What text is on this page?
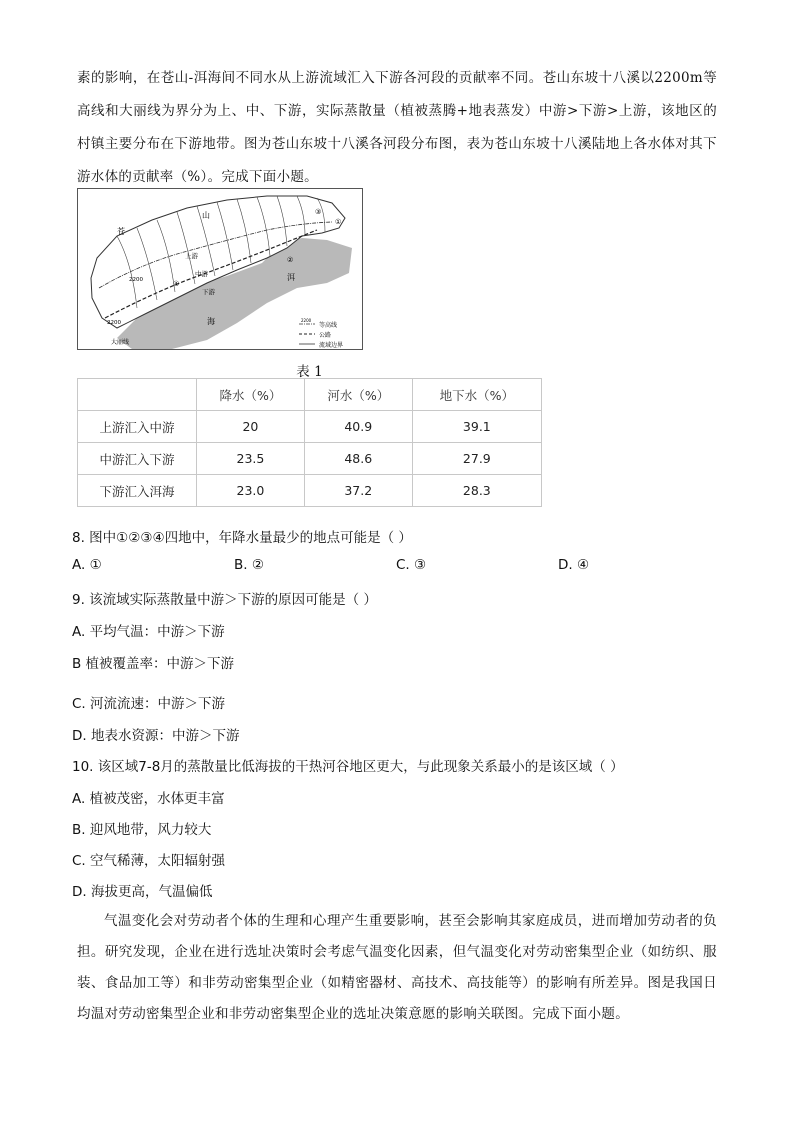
素的影响，在苍山-洱海间不同水从上游流域汇入下游各河段的贡献率不同。苍山东坡十八溪以2200m等高线和大丽线为界分为上、中、下游，实际蒸散量（植被蒸腾+地表蒸发）中游>下游>上游，该地区的村镇主要分布在下游地带。图为苍山东坡十八溪各河段分布图，表为苍山东坡十八溪陆地上各水体对其下游水体的贡献率（%）。完成下面小题。
苍
山
上游
中游
下游
洱
海
2200
2200
大丽线
①
②
③
④
2200
等高线
公路
流域边界
表 1
	降水（%）	河水（%）	地下水（%）
上游汇入中游	20	40.9	39.1
中游汇入下游	23.5	48.6	27.9
下游汇入洱海	23.0	37.2	28.3
8. 图中①②③④四地中，年降水量最少的地点可能是（ ）
A. ①	B. ②	C. ③	D. ④
9. 该流域实际蒸散量中游＞下游的原因可能是（ ）
A. 平均气温：中游＞下游
B 植被覆盖率：中游＞下游
C. 河流流速：中游＞下游
D. 地表水资源：中游＞下游
10. 该区域7-8月的蒸散量比低海拔的干热河谷地区更大，与此现象关系最小的是该区域（ ）
A. 植被茂密，水体更丰富
B. 迎风地带，风力较大
C. 空气稀薄，太阳辐射强
D. 海拔更高，气温偏低
气温变化会对劳动者个体的生理和心理产生重要影响，甚至会影响其家庭成员，进而增加劳动者的负担。研究发现，企业在进行选址决策时会考虑气温变化因素，但气温变化对劳动密集型企业（如纺织、服装、食品加工等）和非劳动密集型企业（如精密器材、高技术、高技能等）的影响有所差异。图是我国日均温对劳动密集型企业和非劳动密集型企业的选址决策意愿的影响关联图。完成下面小题。
